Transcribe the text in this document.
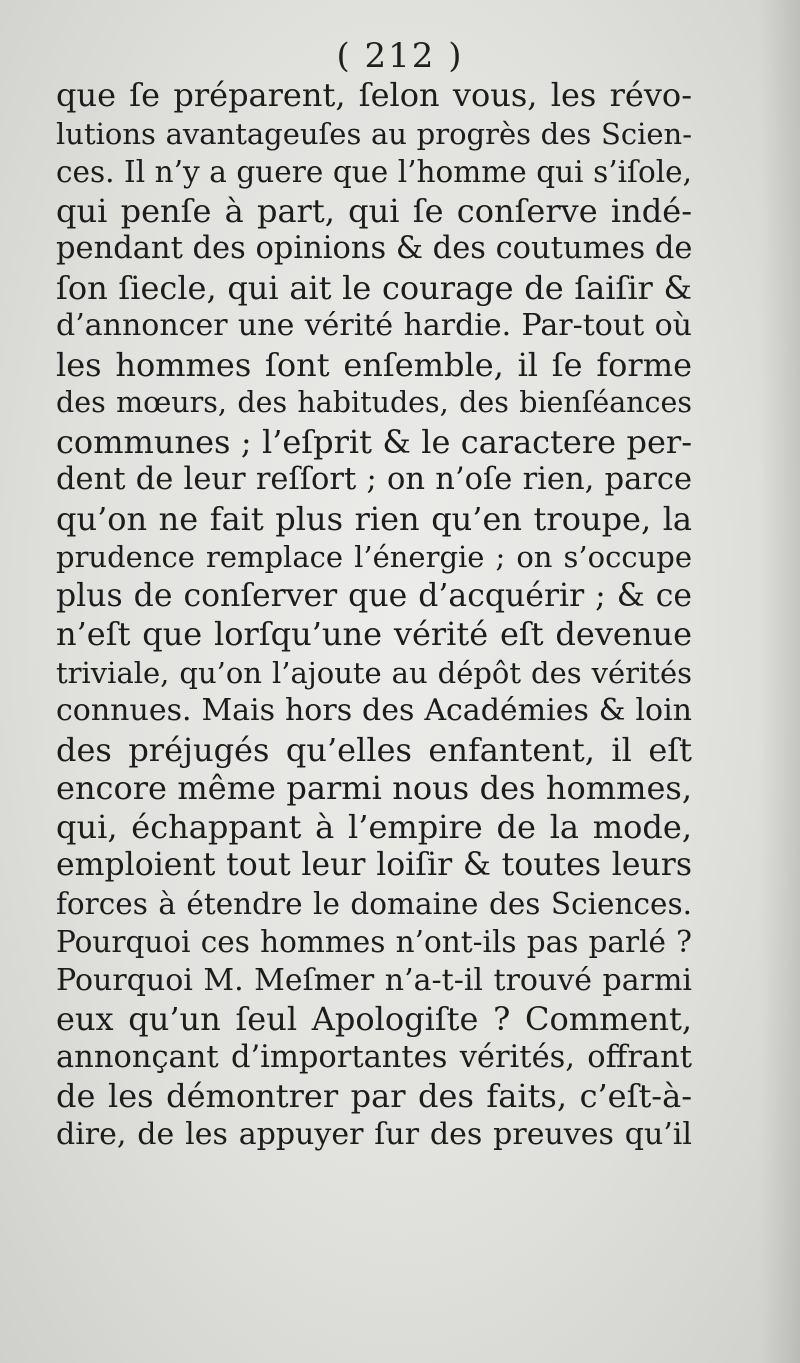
( 212 )
que ſe préparent, ſelon vous, les révo-
lutions avantageuſes au progrès des Scien-
ces. Il n’y a guere que l’homme qui s’iſole,
qui penſe à part, qui ſe conſerve indé-
pendant des opinions & des coutumes de
ſon ſiecle, qui ait le courage de ſaiſir &
d’annoncer une vérité hardie. Par-tout où
les hommes ſont enſemble, il ſe forme
des mœurs, des habitudes, des bienſéances
communes ; l’eſprit & le caractere per-
dent de leur reſſort ; on n’oſe rien, parce
qu’on ne fait plus rien qu’en troupe, la
prudence remplace l’énergie ; on s’occupe
plus de conſerver que d’acquérir ; & ce
n’eſt que lorſqu’une vérité eſt devenue
triviale, qu’on l’ajoute au dépôt des vérités
connues. Mais hors des Académies & loin
des préjugés qu’elles enfantent, il eſt
encore même parmi nous des hommes,
qui, échappant à l’empire de la mode,
emploient tout leur loiſir & toutes leurs
forces à étendre le domaine des Sciences.
Pourquoi ces hommes n’ont-ils pas parlé ?
Pourquoi M. Meſmer n’a-t-il trouvé parmi
eux qu’un ſeul Apologiſte ? Comment,
annonçant d’importantes vérités, offrant
de les démontrer par des faits, c’eſt-à-
dire, de les appuyer ſur des preuves qu’il
